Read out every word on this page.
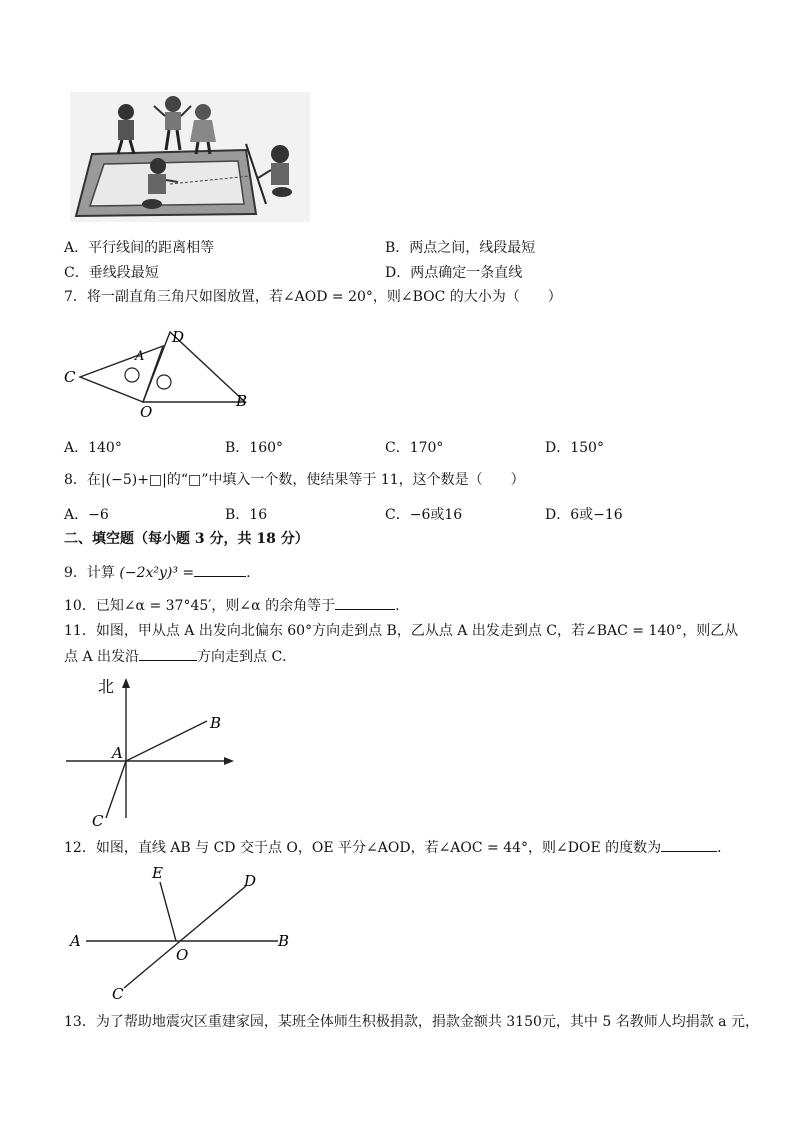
A．平行线间的距离相等	B．两点之间，线段最短
C．垂线段最短	D．两点确定一条直线
7．将一副直角三角尺如图放置，若∠AOD = 20°，则∠BOC 的大小为（　　）
C
A
D
O
B
A．140°	B．160°	C．170°	D．150°
8．在|(−5)+□|的“□”中填入一个数，使结果等于 11，这个数是（　　）
A．−6	B．16	C．−6或16	D．6或−16
二、填空题（每小题 3 分，共 18 分）
9．计算 (−2x²y)³ =	.
10．已知∠α = 37°45′，则∠α 的余角等于	.
11．如图，甲从点 A 出发向北偏东 60°方向走到点 B，乙从点 A 出发走到点 C，若∠BAC = 140°，则乙从
点 A 出发沿	方向走到点 C．
北
A
B
C
12．如图，直线 AB 与 CD 交于点 O，OE 平分∠AOD，若∠AOC = 44°，则∠DOE 的度数为	．
E	D
A
O
B
C
13．为了帮助地震灾区重建家园，某班全体师生积极捐款，捐款金额共 3150元，其中 5 名教师人均捐款 a 元，
